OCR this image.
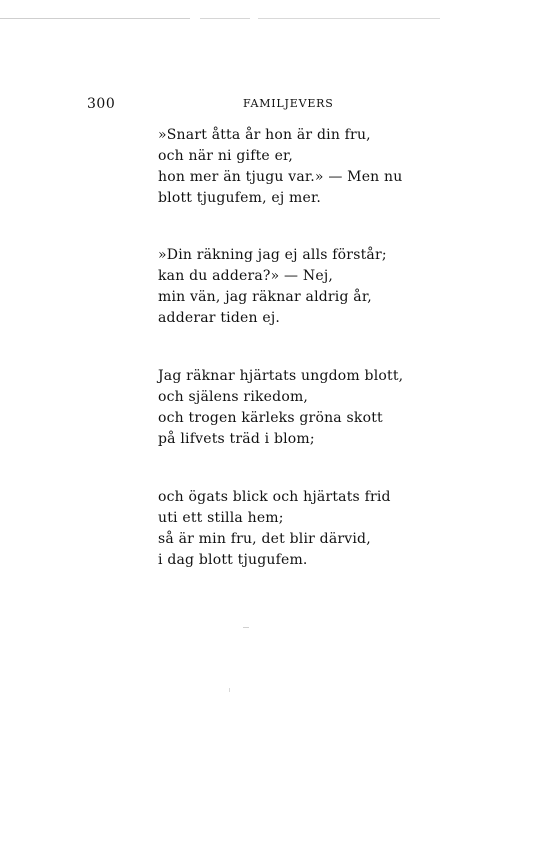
300	FAMILJEVERS
»Snart åtta år hon är din fru,
och när ni gifte er,
hon mer än tjugu var.» — Men nu
blott tjugufem, ej mer.
»Din räkning jag ej alls förstår;
kan du addera?» — Nej,
min vän, jag räknar aldrig år,
adderar tiden ej.
Jag räknar hjärtats ungdom blott,
och själens rikedom,
och trogen kärleks gröna skott
på lifvets träd i blom;
och ögats blick och hjärtats frid
uti ett stilla hem;
så är min fru, det blir därvid,
i dag blott tjugufem.
